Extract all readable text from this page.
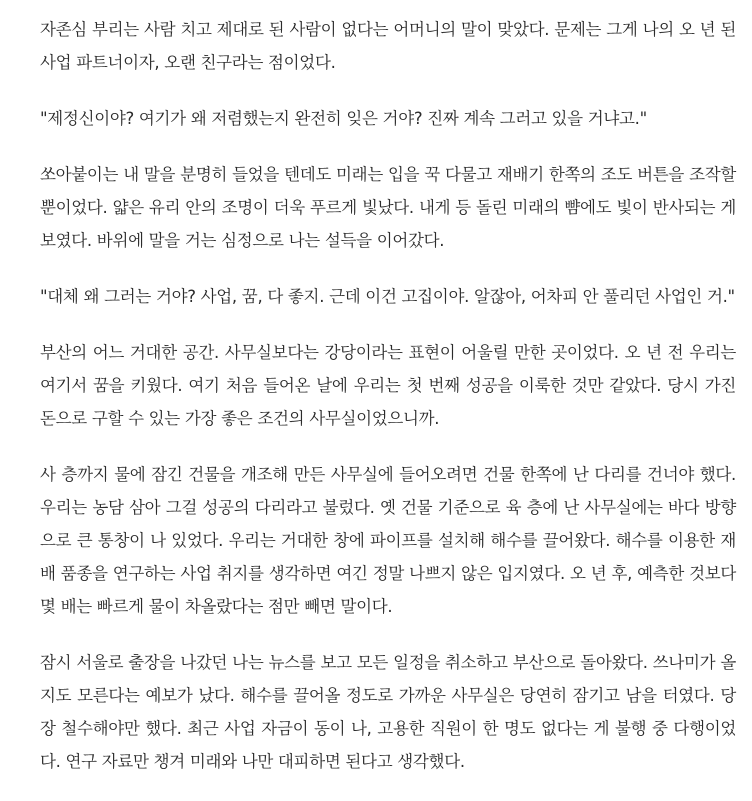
자존심 부리는 사람 치고 제대로 된 사람이 없다는 어머니의 말이 맞았다. 문제는 그게 나의 오 년 된 사업 파트너이자, 오랜 친구라는 점이었다.

"제정신이야? 여기가 왜 저렴했는지 완전히 잊은 거야? 진짜 계속 그러고 있을 거냐고."

쏘아붙이는 내 말을 분명히 들었을 텐데도 미래는 입을 꾹 다물고 재배기 한쪽의 조도 버튼을 조작할 뿐이었다. 얇은 유리 안의 조명이 더욱 푸르게 빛났다. 내게 등 돌린 미래의 뺨에도 빛이 반사되는 게 보였다. 바위에 말을 거는 심정으로 나는 설득을 이어갔다.

"대체 왜 그러는 거야? 사업, 꿈, 다 좋지. 근데 이건 고집이야. 알잖아, 어차피 안 풀리던 사업인 거."

부산의 어느 거대한 공간. 사무실보다는 강당이라는 표현이 어울릴 만한 곳이었다. 오 년 전 우리는 여기서 꿈을 키웠다. 여기 처음 들어온 날에 우리는 첫 번째 성공을 이룩한 것만 같았다. 당시 가진 돈으로 구할 수 있는 가장 좋은 조건의 사무실이었으니까.

사 층까지 물에 잠긴 건물을 개조해 만든 사무실에 들어오려면 건물 한쪽에 난 다리를 건너야 했다. 우리는 농담 삼아 그걸 성공의 다리라고 불렀다. 옛 건물 기준으로 육 층에 난 사무실에는 바다 방향으로 큰 통창이 나 있었다. 우리는 거대한 창에 파이프를 설치해 해수를 끌어왔다. 해수를 이용한 재배 품종을 연구하는 사업 취지를 생각하면 여긴 정말 나쁘지 않은 입지였다. 오 년 후, 예측한 것보다 몇 배는 빠르게 물이 차올랐다는 점만 빼면 말이다.

잠시 서울로 출장을 나갔던 나는 뉴스를 보고 모든 일정을 취소하고 부산으로 돌아왔다. 쓰나미가 올지도 모른다는 예보가 났다. 해수를 끌어올 정도로 가까운 사무실은 당연히 잠기고 남을 터였다. 당장 철수해야만 했다. 최근 사업 자금이 동이 나, 고용한 직원이 한 명도 없다는 게 불행 중 다행이었다. 연구 자료만 챙겨 미래와 나만 대피하면 된다고 생각했다.
